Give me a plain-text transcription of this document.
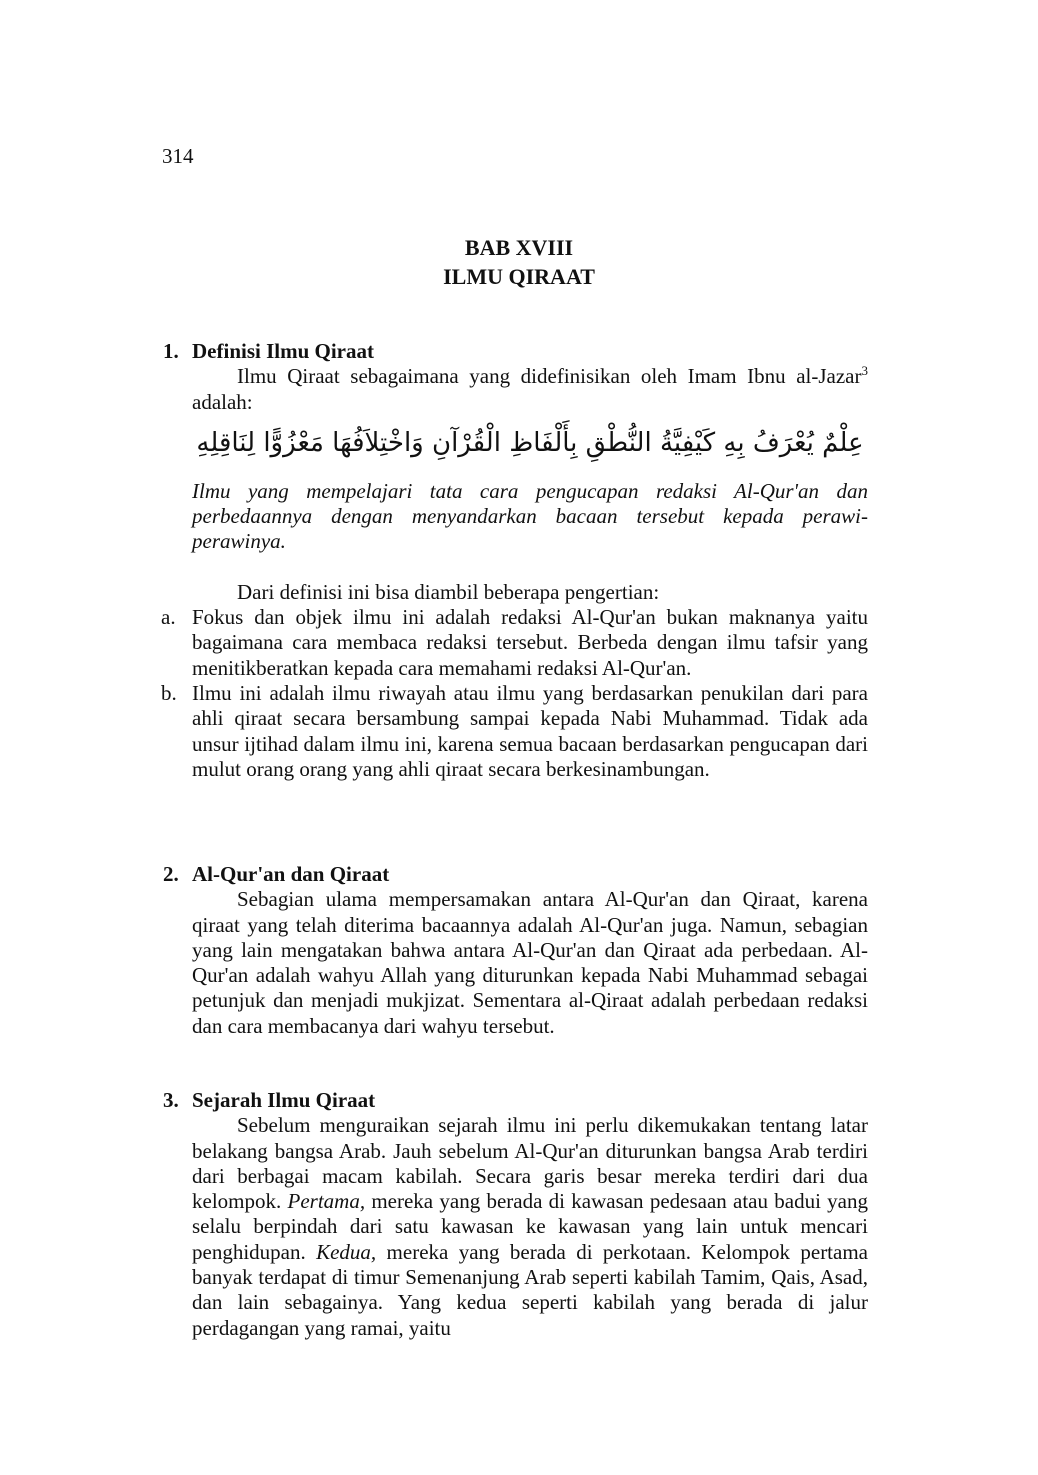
314
BAB XVIII
ILMU QIRAAT
1. Definisi Ilmu Qiraat

Ilmu Qiraat sebagaimana yang didefinisikan oleh Imam Ibnu al-Jazar$^3$ adalah:

عِلْمٌ يُعْرَفُ بِهِ كَيْفِيَّةُ النُّطْقِ بِأَلْفَاظِ الْقُرْآنِ وَاخْتِلاَفُهَا مَعْزُوًّا لِنَاقِلِهِ

Ilmu yang mempelajari tata cara pengucapan redaksi Al-Qur'an dan perbedaannya dengan menyandarkan bacaan tersebut kepada perawi-perawinya.

Dari definisi ini bisa diambil beberapa pengertian:

a. Fokus dan objek ilmu ini adalah redaksi Al-Qur'an bukan maknanya yaitu bagaimana cara membaca redaksi tersebut. Berbeda dengan ilmu tafsir yang menitikberatkan kepada cara memahami redaksi Al-Qur'an.

b. Ilmu ini adalah ilmu riwayah atau ilmu yang berdasarkan penukilan dari para ahli qiraat secara bersambung sampai kepada Nabi Muhammad. Tidak ada unsur ijtihad dalam ilmu ini, karena semua bacaan berdasarkan pengucapan dari mulut orang orang yang ahli qiraat secara berkesinambungan.

2. Al-Qur'an dan Qiraat

Sebagian ulama mempersamakan antara Al-Qur'an dan Qiraat, karena qiraat yang telah diterima bacaannya adalah Al-Qur'an juga. Namun, sebagian yang lain mengatakan bahwa antara Al-Qur'an dan Qiraat ada perbedaan. Al-Qur'an adalah wahyu Allah yang diturunkan kepada Nabi Muhammad sebagai petunjuk dan menjadi mukjizat. Sementara al-Qiraat adalah perbedaan redaksi dan cara membacanya dari wahyu tersebut.

3. Sejarah Ilmu Qiraat

Sebelum menguraikan sejarah ilmu ini perlu dikemukakan tentang latar belakang bangsa Arab. Jauh sebelum Al-Qur'an diturunkan bangsa Arab terdiri dari berbagai macam kabilah. Secara garis besar mereka terdiri dari dua kelompok. Pertama, mereka yang berada di kawasan pedesaan atau badui yang selalu berpindah dari satu kawasan ke kawasan yang lain untuk mencari penghidupan. Kedua, mereka yang berada di perkotaan. Kelompok pertama banyak terdapat di timur Semenanjung Arab seperti kabilah Tamim, Qais, Asad, dan lain sebagainya. Yang kedua seperti kabilah yang berada di jalur perdagangan yang ramai, yaitu
